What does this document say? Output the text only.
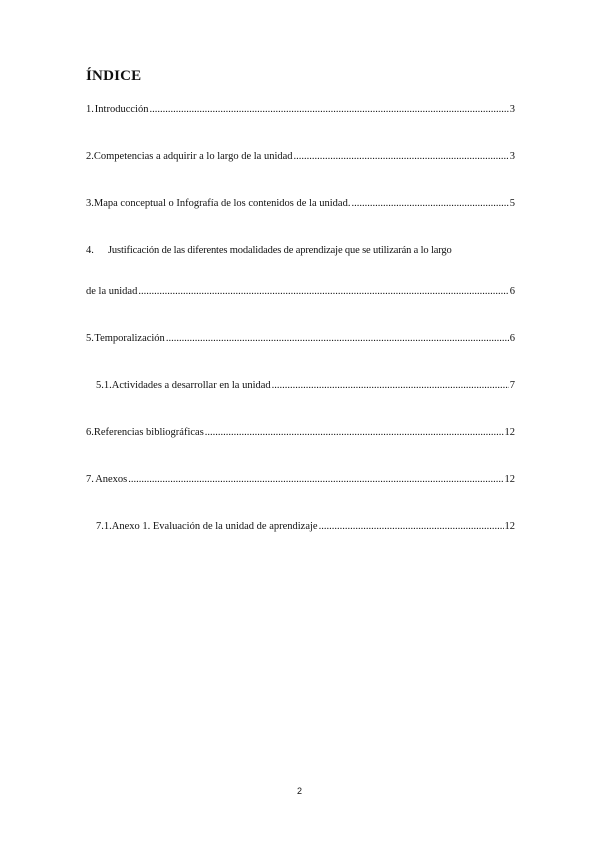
ÍNDICE
1. Introducción .....	3
2. Competencias a adquirir a lo largo de la unidad .....	3
3. Mapa conceptual o Infografía de los contenidos de la unidad. .....	5
4.	Justificación de las diferentes modalidades de aprendizaje que se utilizarán a lo largo
de la unidad .....	6
5. Temporalización .....	6
5.1. Actividades a desarrollar en la unidad .....	7
6. Referencias bibliográficas .....	12
7. Anexos .....	12
7.1. Anexo 1. Evaluación de la unidad de aprendizaje .....	12
2
